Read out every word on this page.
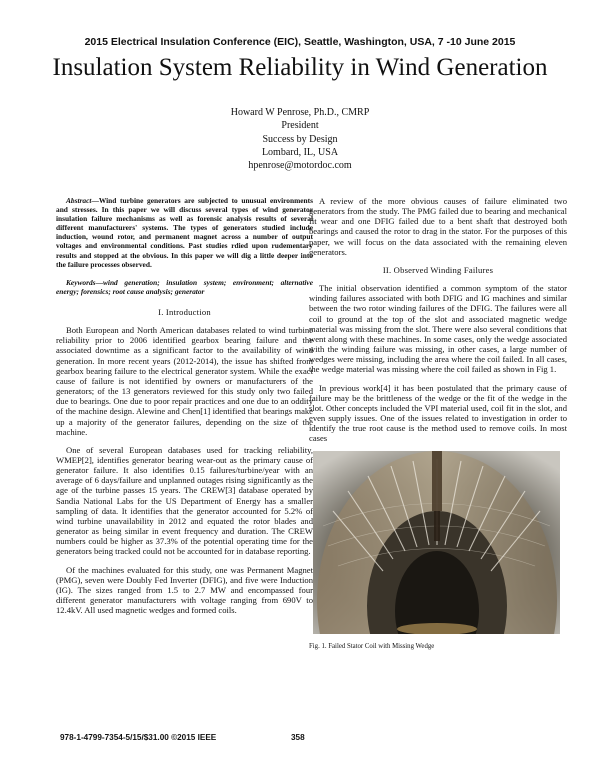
2015 Electrical Insulation Conference (EIC), Seattle, Washington, USA, 7 -10 June 2015
Insulation System Reliability in Wind Generation
Howard W Penrose, Ph.D., CMRP
President
Success by Design
Lombard, IL, USA
hpenrose@motordoc.com

Abstract—Wind turbine generators are subjected to unusual environments and stresses. In this paper we will discuss several types of wind generator insulation failure mechanisms as well as forensic analysis results of several different manufacturers' systems. The types of generators studied include induction, wound rotor, and permanent magnet across a number of output voltages and environmental conditions. Past studies rdied upon rudementary results and stopped at the obvious. In this paper we will dig a little deeper into the failure processes observed.

Keywords—wind generation; insulation system; environment; alternative energy; forensics; root cause analysis; generator

I. Introduction

Both European and North American databases related to wind turbine reliability prior to 2006 identified gearbox bearing failure and the associated downtime as a significant factor to the availability of wind generation. In more recent years (2012-2014), the issue has shifted from gearbox bearing failure to the electrical generator system. While the exact cause of failure is not identified by owners or manufacturers of the generators; of the 13 generators reviewed for this study only two failed due to bearings. One due to poor repair practices and one due to an oddity of the machine design. Alewine and Chen[1] identified that bearings make up a majority of the generator failures, depending on the size of the machine.

One of several European databases used for tracking reliability, WMEP[2], identifies generator bearing wear-out as the primary cause of generator failure. It also identifies 0.15 failures/turbine/year with an average of 6 days/failure and unplanned outages rising significantly as the age of the turbine passes 15 years. The CREW[3] database operated by Sandia National Labs for the US Department of Energy has a smaller sampling of data. It identifies that the generator accounted for 5.2% of wind turbine unavailability in 2012 and equated the rotor blades and generator as being similar in event frequency and duration. The CREW numbers could be higher as 37.3% of the potential operating time for the generators being tracked could not be accounted for in database reporting.

Of the machines evaluated for this study, one was Permanent Magnet (PMG), seven were Doubly Fed Inverter (DFIG), and five were Induction (IG). The sizes ranged from 1.5 to 2.7 MW and encompassed four different generator manufacturers with voltage ranging from 690V to 12.4kV. All used magnetic wedges and formed coils.

A review of the more obvious causes of failure eliminated two generators from the study. The PMG failed due to bearing and mechanical fit wear and one DFIG failed due to a bent shaft that destroyed both bearings and caused the rotor to drag in the stator. For the purposes of this paper, we will focus on the data associated with the remaining eleven generators.

II. Observed Winding Failures

The initial observation identified a common symptom of the stator winding failures associated with both DFIG and IG machines and similar between the two rotor winding failures of the DFIG. The failures were all coil to ground at the top of the slot and associated magnetic wedge material was missing from the slot. There were also several conditions that went along with these machines. In some cases, only the wedge associated with the winding failure was missing, in other cases, a large number of wedges were missing, including the area where the coil failed. In all cases, the wedge material was missing where the coil failed as shown in Fig 1.

In previous work[4] it has been postulated that the primary cause of failure may be the brittleness of the wedge or the fit of the wedge in the slot. Other concepts included the VPI material used, coil fit in the slot, and even supply issues. One of the issues related to investigation in order to identify the true root cause is the method used to remove coils. In most cases

Fig. 1. Failed Stator Coil with Missing Wedge
978-1-4799-7354-5/15/$31.00 ©2015 IEEE	358
